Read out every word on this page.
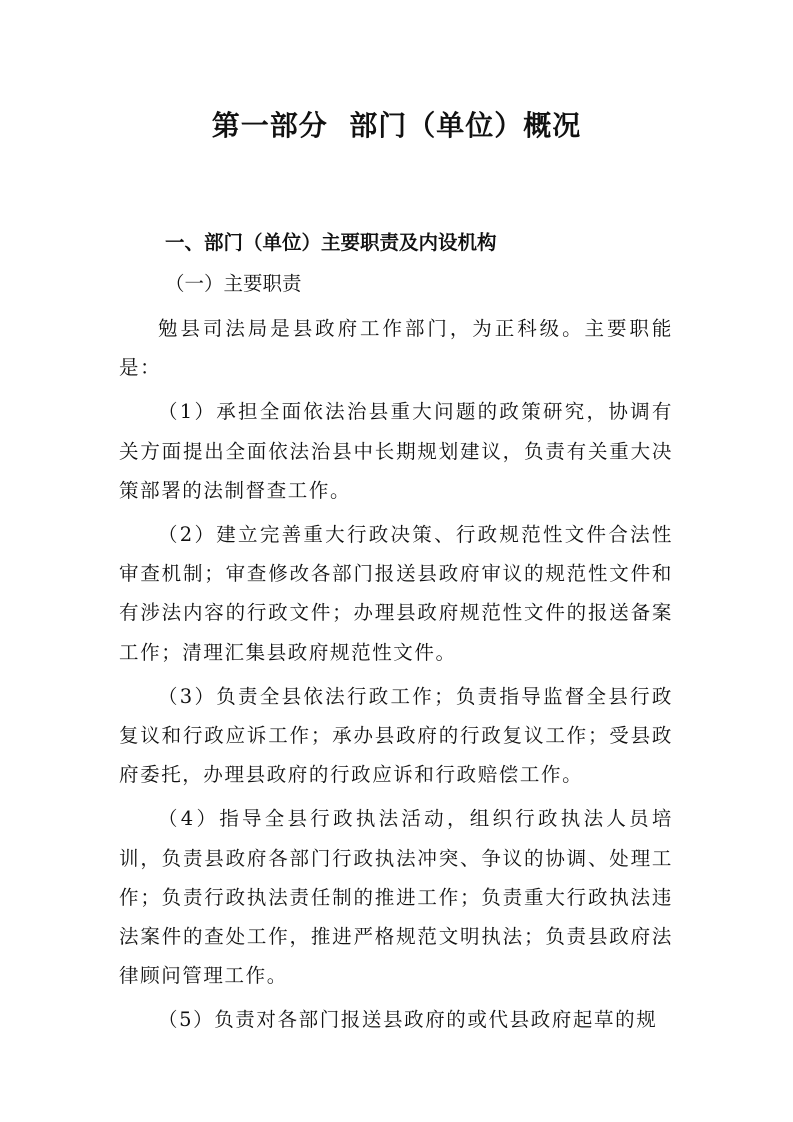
第一部分  部门（单位）概况
一、部门（单位）主要职责及内设机构
（一）主要职责

勉县司法局是县政府工作部门，为正科级。主要职能是：

（1）承担全面依法治县重大问题的政策研究，协调有关方面提出全面依法治县中长期规划建议，负责有关重大决策部署的法制督查工作。

（2）建立完善重大行政决策、行政规范性文件合法性审查机制；审查修改各部门报送县政府审议的规范性文件和有涉法内容的行政文件；办理县政府规范性文件的报送备案工作；清理汇集县政府规范性文件。

（3）负责全县依法行政工作；负责指导监督全县行政复议和行政应诉工作；承办县政府的行政复议工作；受县政府委托，办理县政府的行政应诉和行政赔偿工作。

（4）指导全县行政执法活动，组织行政执法人员培训，负责县政府各部门行政执法冲突、争议的协调、处理工作；负责行政执法责任制的推进工作；负责重大行政执法违法案件的查处工作，推进严格规范文明执法；负责县政府法律顾问管理工作。

（5）负责对各部门报送县政府的或代县政府起草的规
